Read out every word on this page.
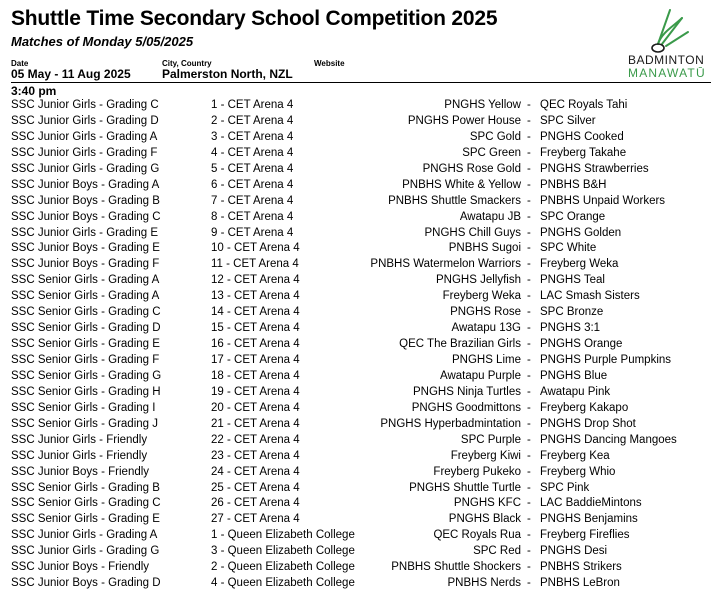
Shuttle Time Secondary School Competition 2025
Matches of Monday 5/05/2025
Date
05 May - 11 Aug 2025
City, Country
Palmerston North, NZL
Website	BADMINTON
MANAWATŪ
3:40 pm
SSC Junior Girls - Grading C	1 - CET Arena 4	PNGHS Yellow - QEC Royals Tahi
SSC Junior Girls - Grading D	2 - CET Arena 4	PNGHS Power House - SPC Silver
SSC Junior Girls - Grading A	3 - CET Arena 4	SPC Gold - PNGHS Cooked
SSC Junior Girls - Grading F	4 - CET Arena 4	SPC Green - Freyberg Takahe
SSC Junior Girls - Grading G	5 - CET Arena 4	PNGHS Rose Gold - PNGHS Strawberries
SSC Junior Boys - Grading A	6 - CET Arena 4	PNBHS White & Yellow - PNBHS B&H
SSC Junior Boys - Grading B	7 - CET Arena 4	PNBHS Shuttle Smackers - PNBHS Unpaid Workers
SSC Junior Boys - Grading C	8 - CET Arena 4	Awatapu JB - SPC Orange
SSC Junior Girls - Grading E	9 - CET Arena 4	PNGHS Chill Guys - PNGHS Golden
SSC Junior Boys - Grading E	10 - CET Arena 4	PNBHS Sugoi - SPC White
SSC Junior Boys - Grading F	11 - CET Arena 4	PNBHS Watermelon Warriors - Freyberg Weka
SSC Senior Girls - Grading A	12 - CET Arena 4	PNGHS Jellyfish - PNGHS Teal
SSC Senior Girls - Grading A	13 - CET Arena 4	Freyberg Weka - LAC Smash Sisters
SSC Senior Girls - Grading C	14 - CET Arena 4	PNGHS Rose - SPC Bronze
SSC Senior Girls - Grading D	15 - CET Arena 4	Awatapu 13G - PNGHS 3:1
SSC Senior Girls - Grading E	16 - CET Arena 4	QEC The Brazilian Girls - PNGHS Orange
SSC Senior Girls - Grading F	17 - CET Arena 4	PNGHS Lime - PNGHS Purple Pumpkins
SSC Senior Girls - Grading G	18 - CET Arena 4	Awatapu Purple - PNGHS Blue
SSC Senior Girls - Grading H	19 - CET Arena 4	PNGHS Ninja Turtles - Awatapu Pink
SSC Senior Girls - Grading I	20 - CET Arena 4	PNGHS Goodmittons - Freyberg Kakapo
SSC Senior Girls - Grading J	21 - CET Arena 4	PNGHS Hyperbadmintation - PNGHS Drop Shot
SSC Junior Girls - Friendly	22 - CET Arena 4	SPC Purple - PNGHS Dancing Mangoes
SSC Junior Girls - Friendly	23 - CET Arena 4	Freyberg Kiwi - Freyberg Kea
SSC Junior Boys - Friendly	24 - CET Arena 4	Freyberg Pukeko - Freyberg Whio
SSC Senior Girls - Grading B	25 - CET Arena 4	PNGHS Shuttle Turtle - SPC Pink
SSC Senior Girls - Grading C	26 - CET Arena 4	PNGHS KFC - LAC BaddieMintons
SSC Senior Girls - Grading E	27 - CET Arena 4	PNGHS Black - PNGHS Benjamins
SSC Junior Girls - Grading A	1 - Queen Elizabeth College	QEC Royals Rua - Freyberg Fireflies
SSC Junior Girls - Grading G	3 - Queen Elizabeth College	SPC Red - PNGHS Desi
SSC Junior Boys - Friendly	2 - Queen Elizabeth College	PNBHS Shuttle Shockers - PNBHS Strikers
SSC Junior Boys - Grading D	4 - Queen Elizabeth College	PNBHS Nerds - PNBHS LeBron
